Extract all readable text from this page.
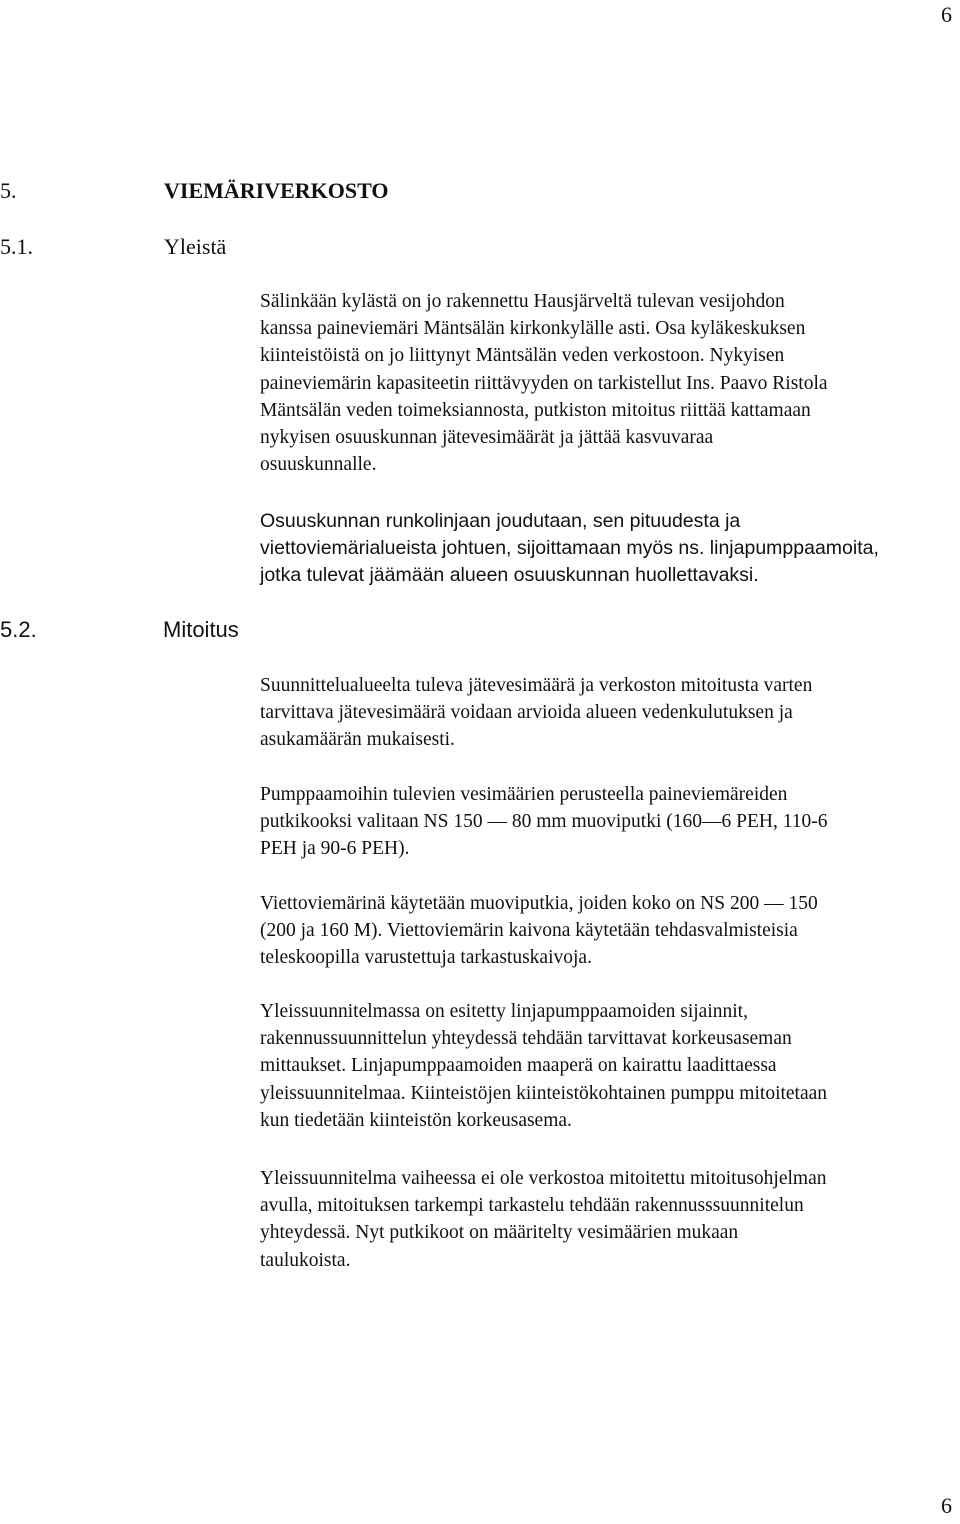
6
5.	VIEMÄRIVERKOSTO
5.1.	Yleistä

Sälinkään kylästä on jo rakennettu Hausjärveltä tulevan vesijohdon
kanssa paineviemäri Mäntsälän kirkonkylälle asti. Osa kyläkeskuksen
kiinteistöistä on jo liittynyt Mäntsälän veden verkostoon. Nykyisen
paineviemärin kapasiteetin riittävyyden on tarkistellut Ins. Paavo Ristola
Mäntsälän veden toimeksiannosta, putkiston mitoitus riittää kattamaan
nykyisen osuuskunnan jätevesimäärät ja jättää kasvuvaraa
osuuskunnalle.

Osuuskunnan runkolinjaan joudutaan, sen pituudesta ja
viettoviemärialueista johtuen, sijoittamaan myös ns. linjapumppaamoita,
jotka tulevat jäämään alueen osuuskunnan huollettavaksi.

5.2.	Mitoitus

Suunnittelualueelta tuleva jätevesimäärä ja verkoston mitoitusta varten
tarvittava jätevesimäärä voidaan arvioida alueen vedenkulutuksen ja
asukamäärän mukaisesti.

Pumppaamoihin tulevien vesimäärien perusteella paineviemäreiden
putkikooksi valitaan NS 150 — 80 mm muoviputki (160—6 PEH, 110-6
PEH ja 90-6 PEH).

Viettoviemärinä käytetään muoviputkia, joiden koko on NS 200 — 150
(200 ja 160 M). Viettoviemärin kaivona käytetään tehdasvalmisteisia
teleskoopilla varustettuja tarkastuskaivoja.

Yleissuunnitelmassa on esitetty linjapumppaamoiden sijainnit,
rakennussuunnittelun yhteydessä tehdään tarvittavat korkeusaseman
mittaukset. Linjapumppaamoiden maaperä on kairattu laadittaessa
yleissuunnitelmaa. Kiinteistöjen kiinteistökohtainen pumppu mitoitetaan
kun tiedetään kiinteistön korkeusasema.

Yleissuunnitelma vaiheessa ei ole verkostoa mitoitettu mitoitusohjelman
avulla, mitoituksen tarkempi tarkastelu tehdään rakennusssuunnitelun
yhteydessä. Nyt putkikoot on määritelty vesimäärien mukaan
taulukoista.

6
